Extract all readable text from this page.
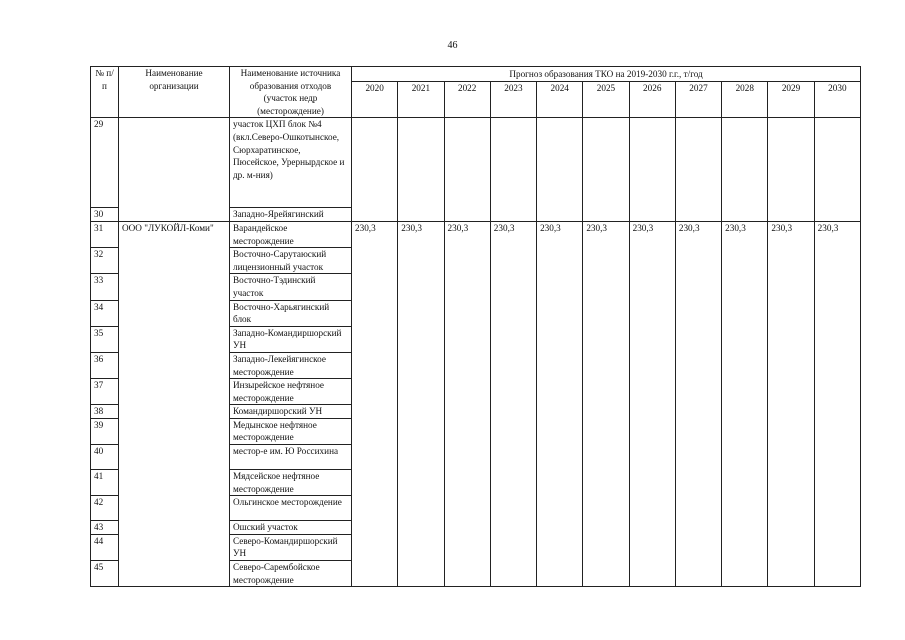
46
№ п/ п	Наименование организации	Наименование источника образования отходов (участок недр (месторождение)	Прогноз образования ТКО на 2019-2030 г.г., т/год										
			2020	2021	2022	2023	2024	2025	2026	2027	2028	2029	2030
29		участок ЦХП блок №4 (вкл.Северо-Ошкотынское, Сюрхаратинское, Пюсейское, Урернырдское и др. м-ния)											
30		Западно-Ярейягинский											
31	ООО "ЛУКОЙЛ-Коми"	Варандейское месторождение	230,3	230,3	230,3	230,3	230,3	230,3	230,3	230,3	230,3	230,3	230,3
32		Восточно-Сарутаюский лицензионный участок											
33		Восточно-Тэдинский участок											
34		Восточно-Харьягинский блок											
35		Западно-Командиршорский УН											
36		Западно-Лекейягинское месторождение											
37		Инзырейское нефтяное месторождение											
38		Командиршорский УН											
39		Медынское нефтяное месторождение											
40		местор-е им. Ю Россихина											
41		Мядсейское нефтяное месторождение											
42		Ольгинское месторождение											
43		Ошский участок											
44		Северо-Командиршорский УН											
45		Северо-Сарембойское месторождение											
